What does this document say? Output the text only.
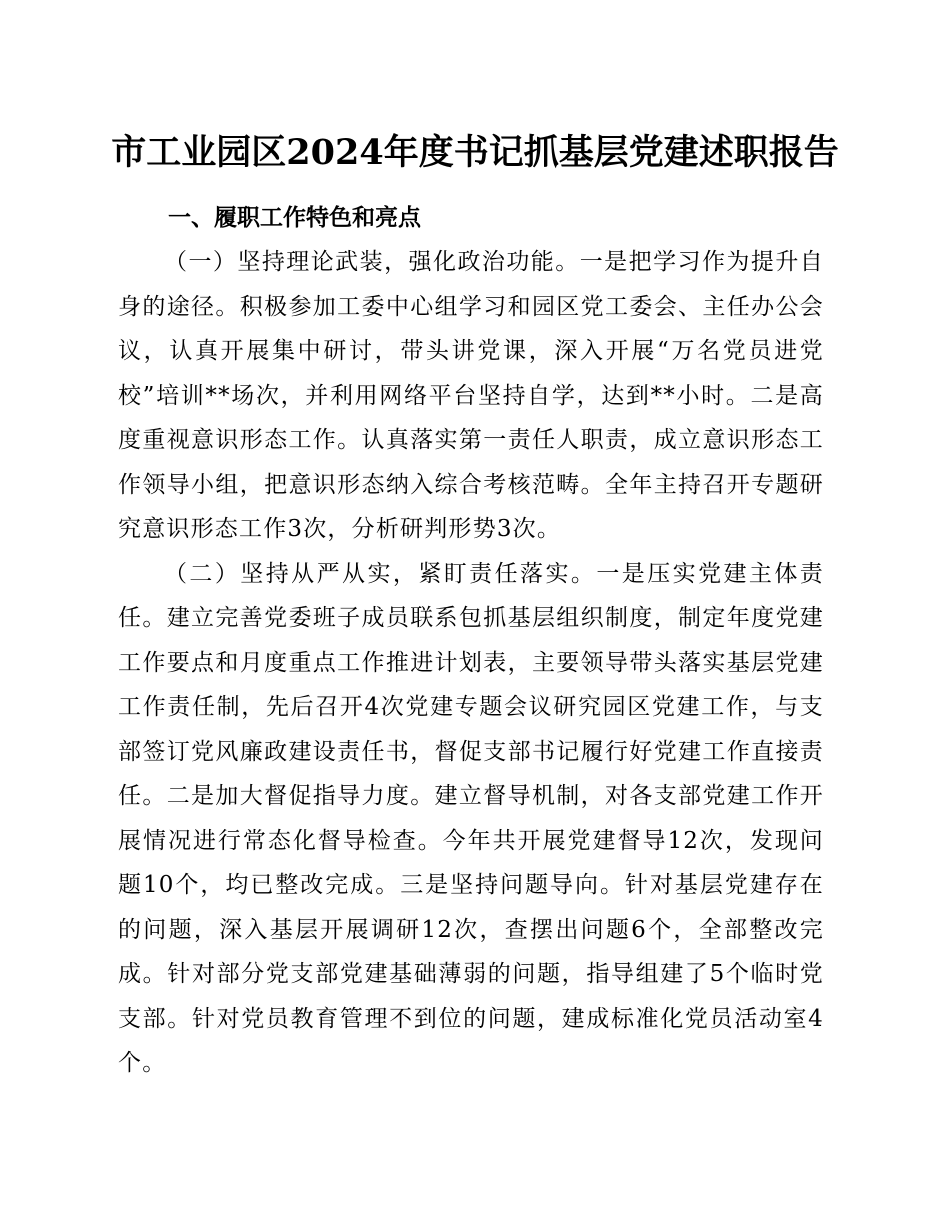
市工业园区2024年度书记抓基层党建述职报告
一、履职工作特色和亮点

（一）坚持理论武装，强化政治功能。一是把学习作为提升自身的途径。积极参加工委中心组学习和园区党工委会、主任办公会议，认真开展集中研讨，带头讲党课，深入开展“万名党员进党校”培训**场次，并利用网络平台坚持自学，达到**小时。二是高度重视意识形态工作。认真落实第一责任人职责，成立意识形态工作领导小组，把意识形态纳入综合考核范畴。全年主持召开专题研究意识形态工作3次，分析研判形势3次。

（二）坚持从严从实，紧盯责任落实。一是压实党建主体责任。建立完善党委班子成员联系包抓基层组织制度，制定年度党建工作要点和月度重点工作推进计划表，主要领导带头落实基层党建工作责任制，先后召开4次党建专题会议研究园区党建工作，与支部签订党风廉政建设责任书，督促支部书记履行好党建工作直接责任。二是加大督促指导力度。建立督导机制，对各支部党建工作开展情况进行常态化督导检查。今年共开展党建督导12次，发现问题10个，均已整改完成。三是坚持问题导向。针对基层党建存在的问题，深入基层开展调研12次，查摆出问题6个，全部整改完成。针对部分党支部党建基础薄弱的问题，指导组建了5个临时党支部。针对党员教育管理不到位的问题，建成标准化党员活动室4个。
